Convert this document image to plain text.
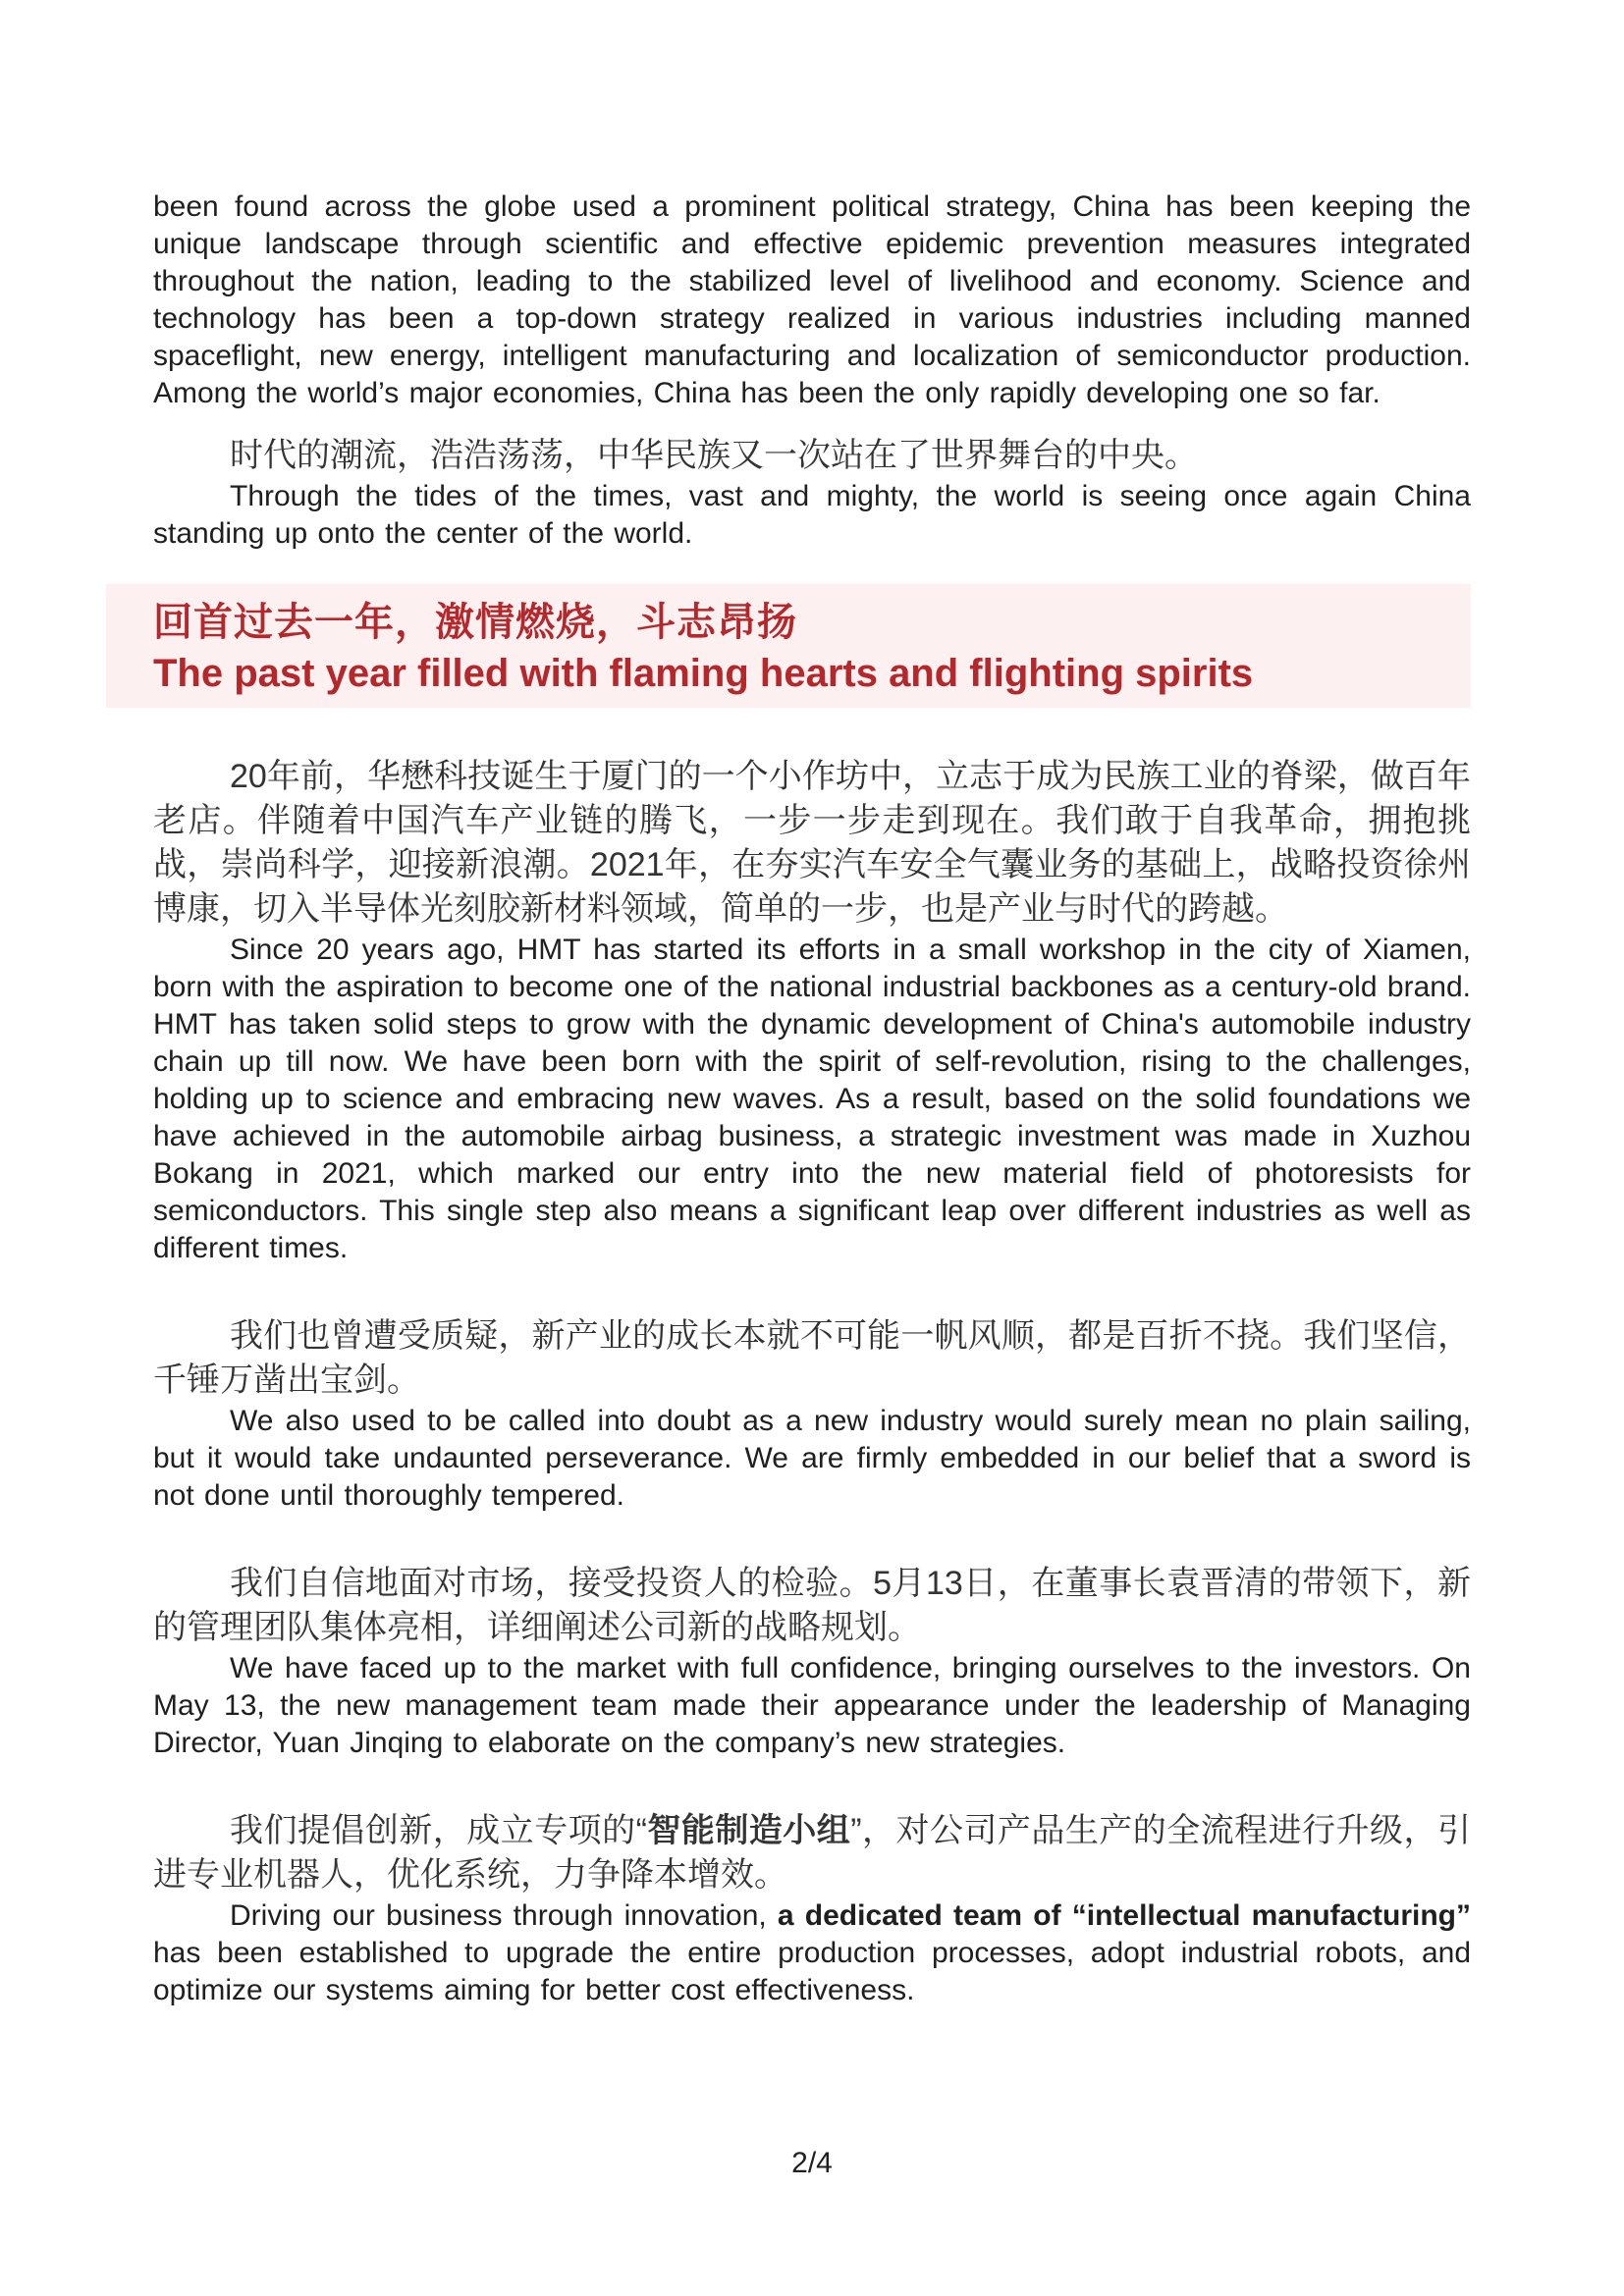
been found across the globe used a prominent political strategy, China has been keeping the unique landscape through scientific and effective epidemic prevention measures integrated throughout the nation, leading to the stabilized level of livelihood and economy. Science and technology has been a top-down strategy realized in various industries including manned spaceflight, new energy, intelligent manufacturing and localization of semiconductor production. Among the world’s major economies, China has been the only rapidly developing one so far.

时代的潮流，浩浩荡荡，中华民族又一次站在了世界舞台的中央。

Through the tides of the times, vast and mighty, the world is seeing once again China standing up onto the center of the world.

回首过去一年，激情燃烧，斗志昂扬
The past year filled with flaming hearts and flighting spirits

20年前，华懋科技诞生于厦门的一个小作坊中，立志于成为民族工业的脊梁，做百年老店。伴随着中国汽车产业链的腾飞，一步一步走到现在。我们敢于自我革命，拥抱挑战，崇尚科学，迎接新浪潮。2021年，在夯实汽车安全气囊业务的基础上，战略投资徐州博康，切入半导体光刻胶新材料领域，简单的一步，也是产业与时代的跨越。

Since 20 years ago, HMT has started its efforts in a small workshop in the city of Xiamen, born with the aspiration to become one of the national industrial backbones as a century-old brand. HMT has taken solid steps to grow with the dynamic development of China's automobile industry chain up till now. We have been born with the spirit of self-revolution, rising to the challenges, holding up to science and embracing new waves. As a result, based on the solid foundations we have achieved in the automobile airbag business, a strategic investment was made in Xuzhou Bokang in 2021, which marked our entry into the new material field of photoresists for semiconductors. This single step also means a significant leap over different industries as well as different times.

我们也曾遭受质疑，新产业的成长本就不可能一帆风顺，都是百折不挠。我们坚信，千锤万凿出宝剑。

We also used to be called into doubt as a new industry would surely mean no plain sailing, but it would take undaunted perseverance. We are firmly embedded in our belief that a sword is not done until thoroughly tempered.

我们自信地面对市场，接受投资人的检验。5月13日，在董事长袁晋清的带领下，新的管理团队集体亮相，详细阐述公司新的战略规划。

We have faced up to the market with full confidence, bringing ourselves to the investors. On May 13, the new management team made their appearance under the leadership of Managing Director, Yuan Jinqing to elaborate on the company’s new strategies.

我们提倡创新，成立专项的“智能制造小组”，对公司产品生产的全流程进行升级，引进专业机器人，优化系统，力争降本增效。

Driving our business through innovation, a dedicated team of “intellectual manufacturing” has been established to upgrade the entire production processes, adopt industrial robots, and optimize our systems aiming for better cost effectiveness.

2/4
